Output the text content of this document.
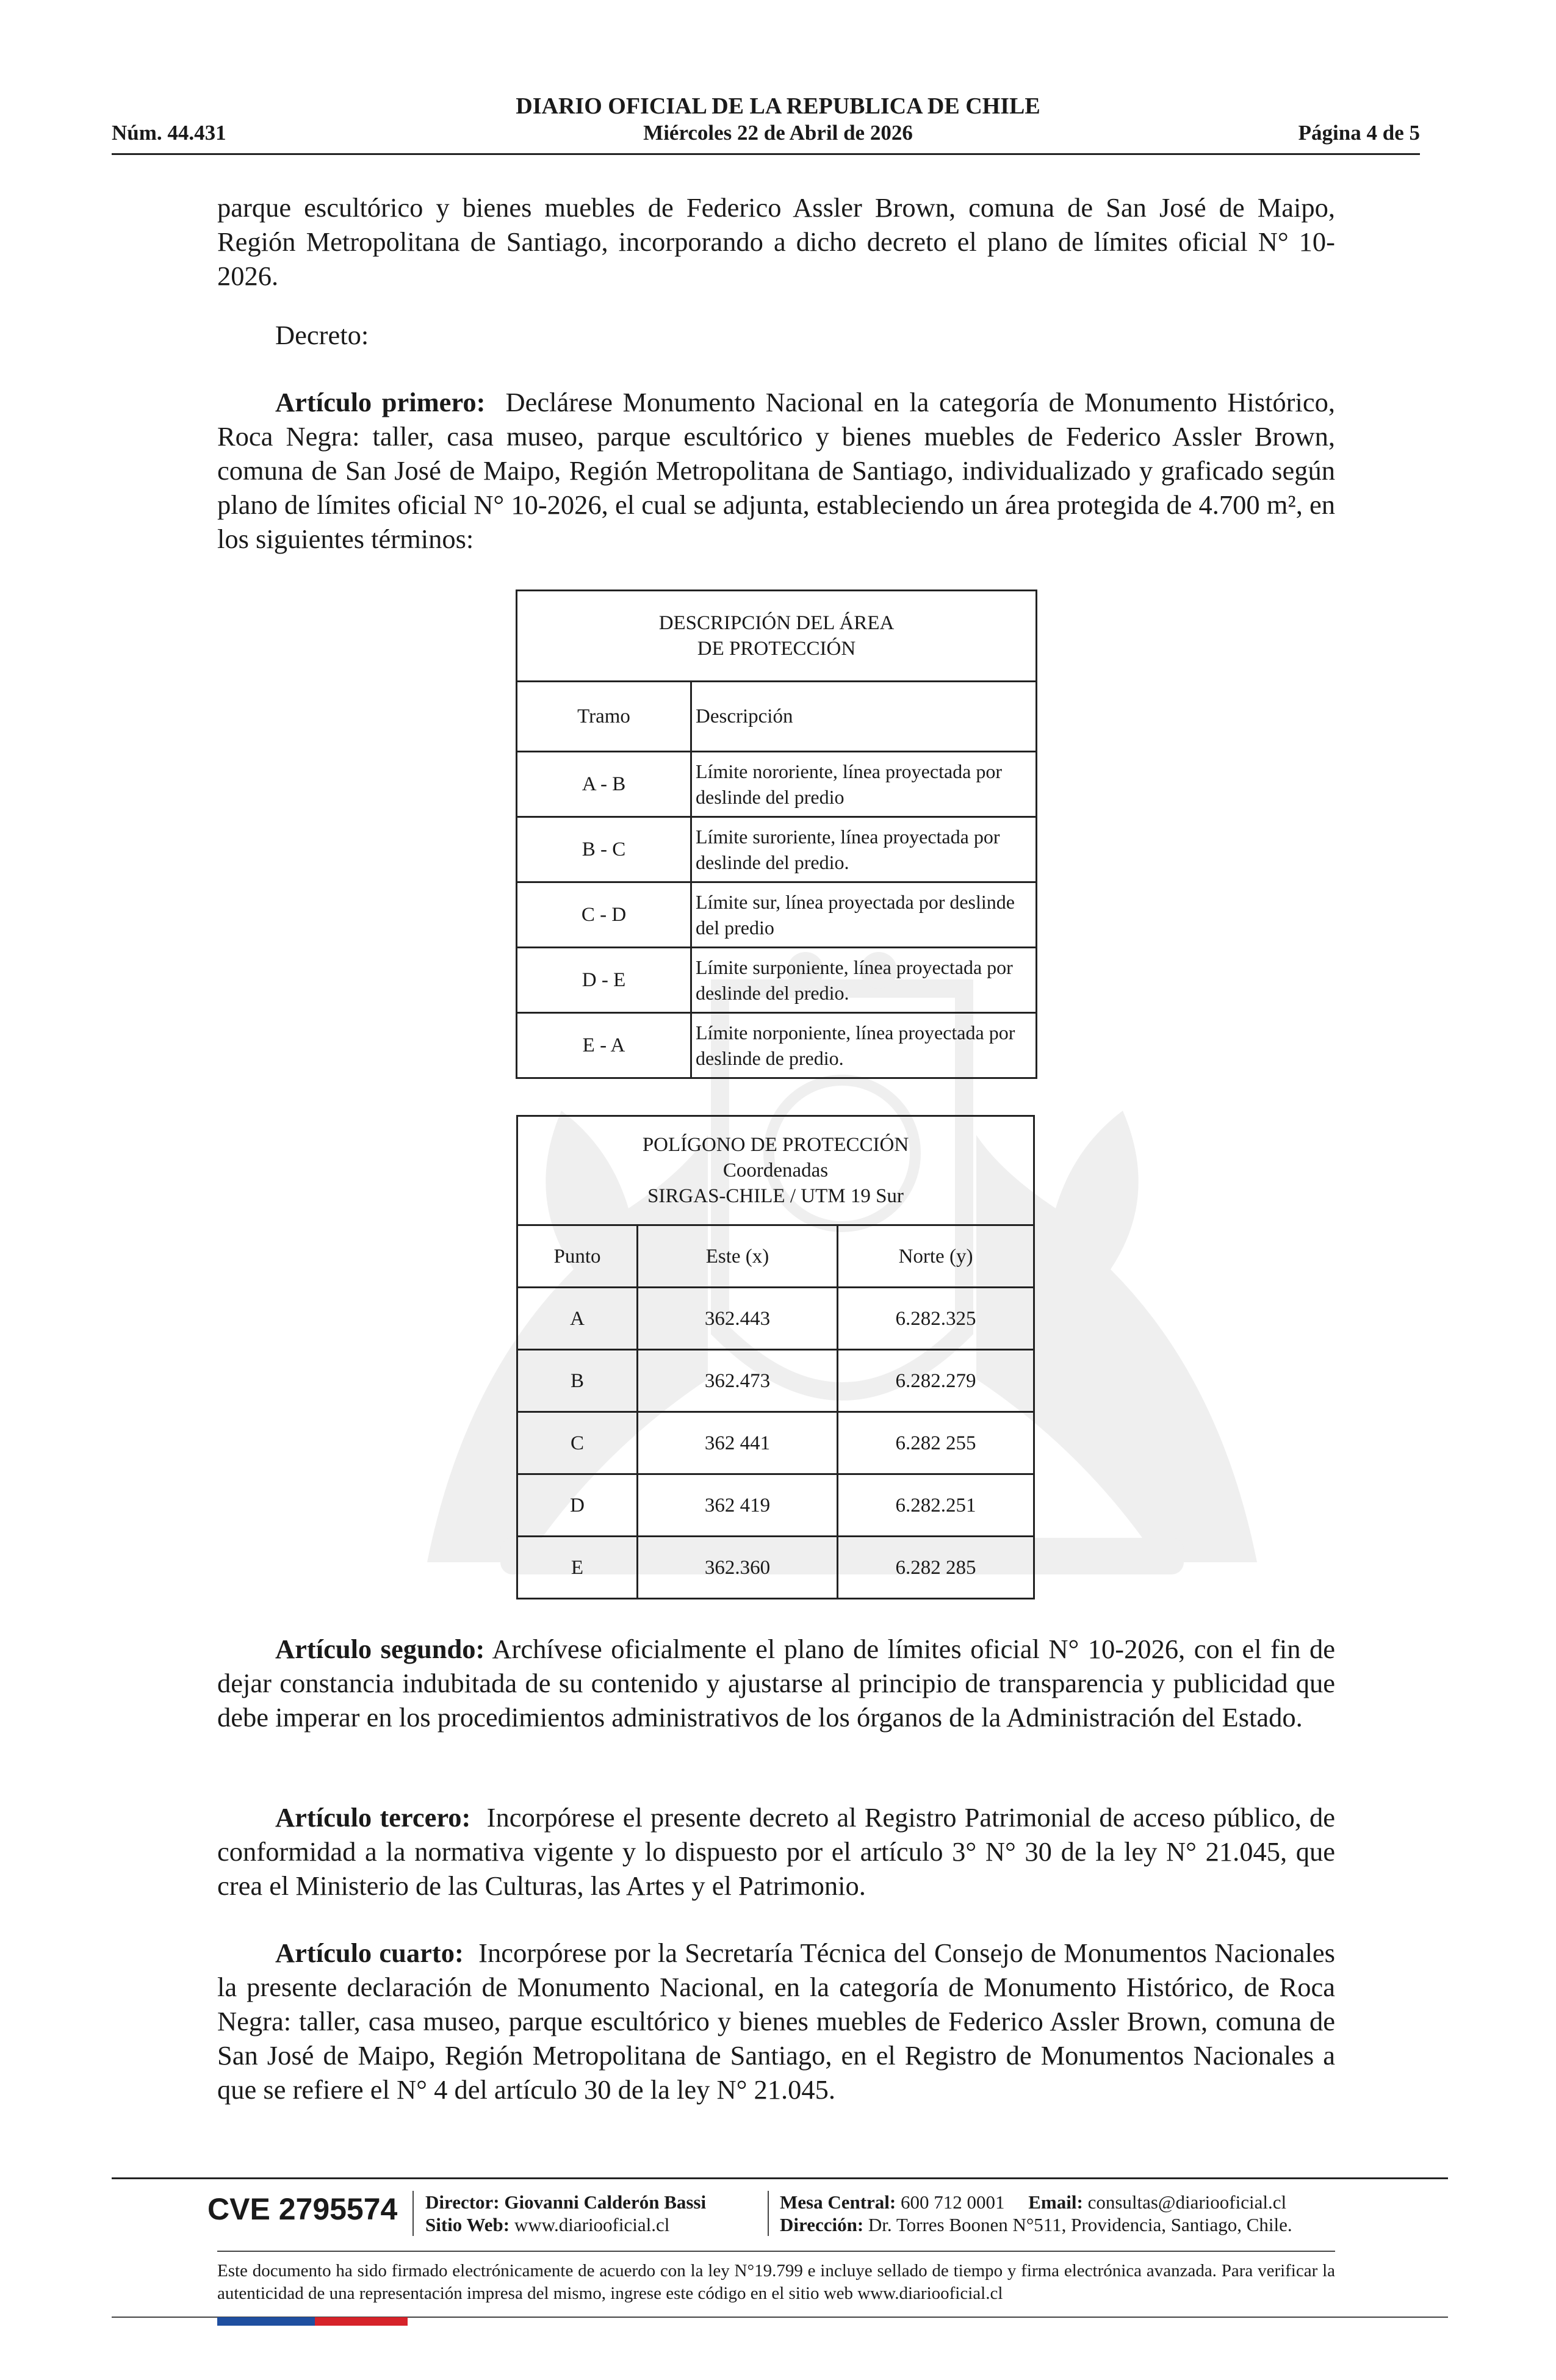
DIARIO OFICIAL DE LA REPUBLICA DE CHILE
Núm. 44.431	Miércoles 22 de Abril de 2026	Página 4 de 5
parque escultórico y bienes muebles de Federico Assler Brown, comuna de San José de Maipo, Región Metropolitana de Santiago, incorporando a dicho decreto el plano de límites oficial N° 10-2026.
Decreto:
Artículo primero: Declárese Monumento Nacional en la categoría de Monumento Histórico, Roca Negra: taller, casa museo, parque escultórico y bienes muebles de Federico Assler Brown, comuna de San José de Maipo, Región Metropolitana de Santiago, individualizado y graficado según plano de límites oficial N° 10-2026, el cual se adjunta, estableciendo un área protegida de 4.700 m², en los siguientes términos:
DESCRIPCIÓN DEL ÁREA
DE PROTECCIÓN	

Tramo	Descripción
A - B	Límite nororiente, línea proyectada por deslinde del predio
B - C	Límite suroriente, línea proyectada por deslinde del predio.
C - D	Límite sur, línea proyectada por deslinde del predio
D - E	Límite surponiente, línea proyectada por deslinde del predio.
E - A	Límite norponiente, línea proyectada por deslinde de predio.
POLÍGONO DE PROTECCIÓN
Coordenadas
SIRGAS-CHILE / UTM 19 Sur		

Punto	Este (x)	Norte (y)
A	362.443	6.282.325
B	362.473	6.282.279
C	362 441	6.282 255
D	362 419	6.282.251
E	362.360	6.282 285
Artículo segundo: Archívese oficialmente el plano de límites oficial N° 10-2026, con el fin de dejar constancia indubitada de su contenido y ajustarse al principio de transparencia y publicidad que debe imperar en los procedimientos administrativos de los órganos de la Administración del Estado.
Artículo tercero: Incorpórese el presente decreto al Registro Patrimonial de acceso público, de conformidad a la normativa vigente y lo dispuesto por el artículo 3° N° 30 de la ley N° 21.045, que crea el Ministerio de las Culturas, las Artes y el Patrimonio.
Artículo cuarto: Incorpórese por la Secretaría Técnica del Consejo de Monumentos Nacionales la presente declaración de Monumento Nacional, en la categoría de Monumento Histórico, de Roca Negra: taller, casa museo, parque escultórico y bienes muebles de Federico Assler Brown, comuna de San José de Maipo, Región Metropolitana de Santiago, en el Registro de Monumentos Nacionales a que se refiere el N° 4 del artículo 30 de la ley N° 21.045.
CVE 2795574 Director: Giovanni Calderón Bassi
Sitio Web: www.diariooficial.cl
Mesa Central: 600 712 0001 Email: consultas@diariooficial.cl
Dirección: Dr. Torres Boonen N°511, Providencia, Santiago, Chile.
Este documento ha sido firmado electrónicamente de acuerdo con la ley N°19.799 e incluye sellado de tiempo y firma electrónica avanzada. Para verificar la autenticidad de una representación impresa del mismo, ingrese este código en el sitio web www.diariooficial.cl
